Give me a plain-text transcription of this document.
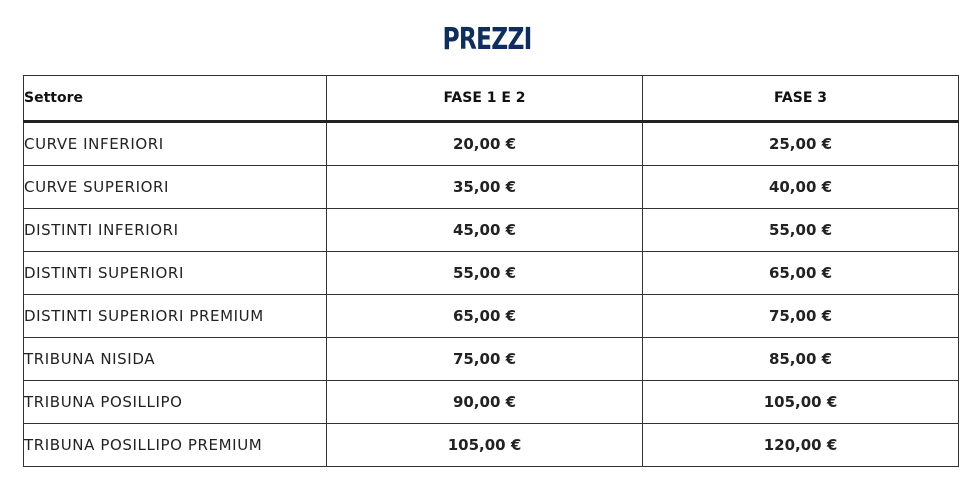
PREZZI
Settore	FASE 1 E 2	FASE 3
CURVE INFERIORI	20,00 €	25,00 €
CURVE SUPERIORI	35,00 €	40,00 €
DISTINTI INFERIORI	45,00 €	55,00 €
DISTINTI SUPERIORI	55,00 €	65,00 €
DISTINTI SUPERIORI PREMIUM	65,00 €	75,00 €
TRIBUNA NISIDA	75,00 €	85,00 €
TRIBUNA POSILLIPO	90,00 €	105,00 €
TRIBUNA POSILLIPO PREMIUM	105,00 €	120,00 €
